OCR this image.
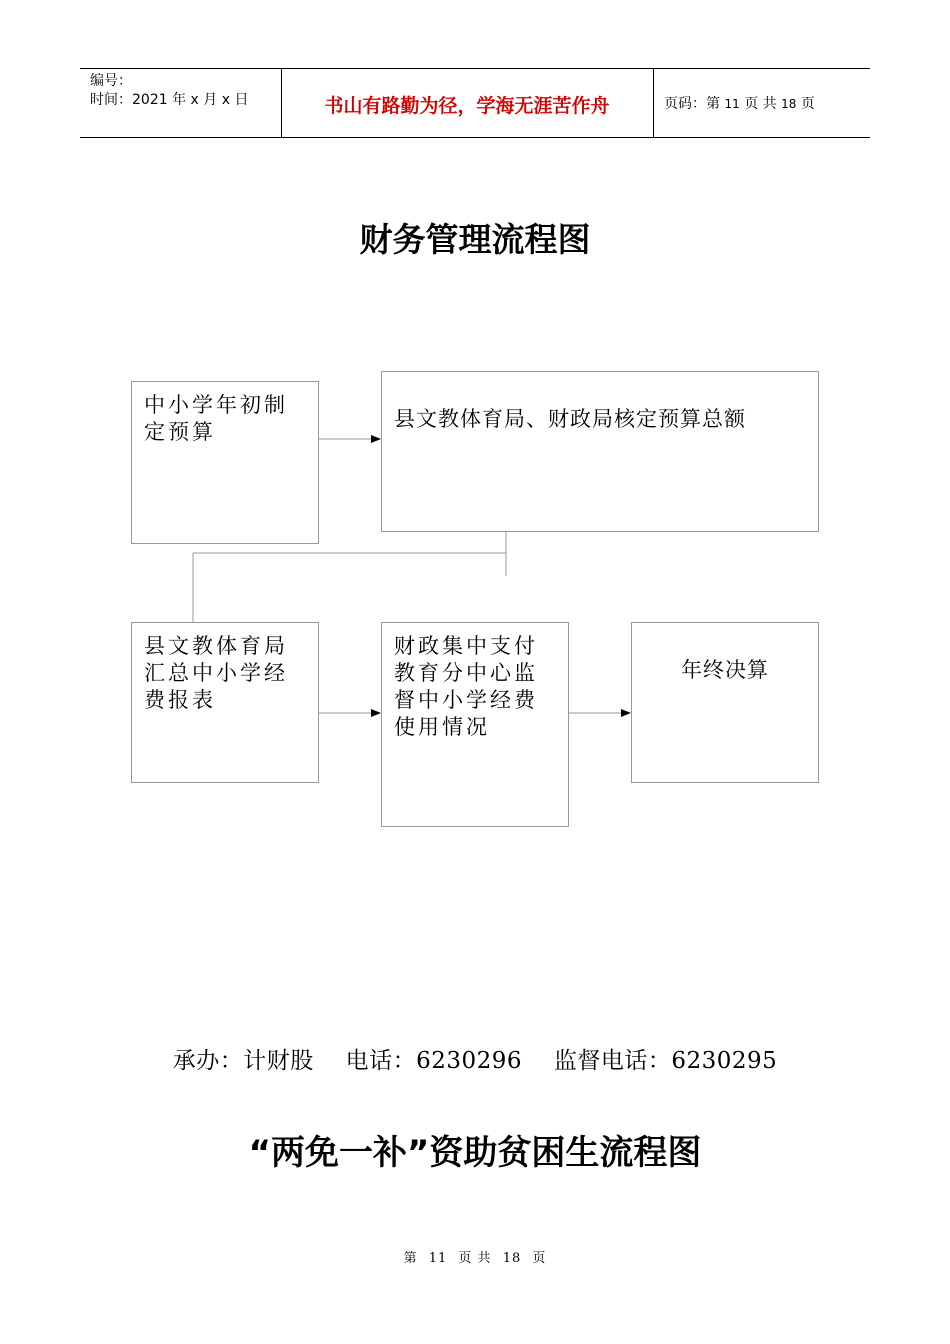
编号：
时间：2021 年 x 月 x 日	书山有路勤为径，学海无涯苦作舟	页码：第 11 页 共 18 页
财务管理流程图
中小学年初制定预算
县文教体育局、财政局核定预算总额
县文教体育局汇总中小学经费报表
财政集中支付教育分中心监督中小学经费使用情况
年终决算
承办：计财股 电话：6230296 监督电话：6230295
“两免一补”资助贫困生流程图
第 11 页 共 18 页
